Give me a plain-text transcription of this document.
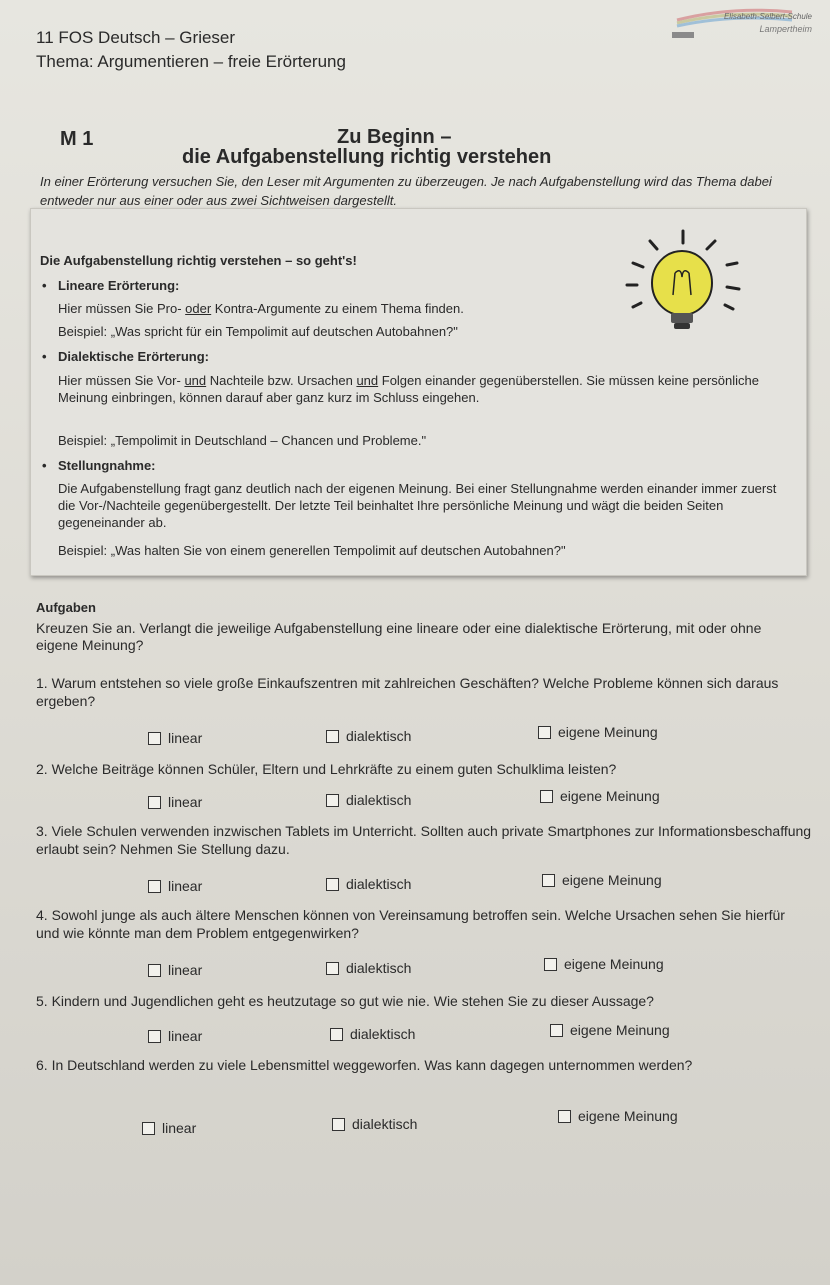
11 FOS Deutsch – Grieser
Thema: Argumentieren – freie Erörterung
Elisabeth-Selbert-Schule
Lampertheim
M 1	Zu Beginn –
die Aufgabenstellung richtig verstehen
In einer Erörterung versuchen Sie, den Leser mit Argumenten zu überzeugen. Je nach Aufgabenstellung wird das Thema dabei entweder nur aus einer oder aus zwei Sichtweisen dargestellt.
Die Aufgabenstellung richtig verstehen – so geht's!
• Lineare Erörterung:
Hier müssen Sie Pro- oder Kontra-Argumente zu einem Thema finden.
Beispiel: „Was spricht für ein Tempolimit auf deutschen Autobahnen?"
• Dialektische Erörterung:
Hier müssen Sie Vor- und Nachteile bzw. Ursachen und Folgen einander gegenüberstellen. Sie müssen keine persönliche Meinung einbringen, können darauf aber ganz kurz im Schluss eingehen.
Beispiel: „Tempolimit in Deutschland – Chancen und Probleme."
• Stellungnahme:
Die Aufgabenstellung fragt ganz deutlich nach der eigenen Meinung. Bei einer Stellungnahme werden einander immer zuerst die Vor-/Nachteile gegenübergestellt. Der letzte Teil beinhaltet Ihre persönliche Meinung und wägt die beiden Seiten gegeneinander ab.
Beispiel: „Was halten Sie von einem generellen Tempolimit auf deutschen Autobahnen?"
Aufgaben
Kreuzen Sie an. Verlangt die jeweilige Aufgabenstellung eine lineare oder eine dialektische Erörterung, mit oder ohne eigene Meinung?
1. Warum entstehen so viele große Einkaufszentren mit zahlreichen Geschäften? Welche Probleme können sich daraus ergeben?
linear	dialektisch	eigene Meinung
2. Welche Beiträge können Schüler, Eltern und Lehrkräfte zu einem guten Schulklima leisten?
linear	dialektisch	eigene Meinung
3. Viele Schulen verwenden inzwischen Tablets im Unterricht. Sollten auch private Smartphones zur Informationsbeschaffung erlaubt sein? Nehmen Sie Stellung dazu.
linear	dialektisch	eigene Meinung
4. Sowohl junge als auch ältere Menschen können von Vereinsamung betroffen sein. Welche Ursachen sehen Sie hierfür und wie könnte man dem Problem entgegenwirken?
linear	dialektisch	eigene Meinung
5. Kindern und Jugendlichen geht es heutzutage so gut wie nie. Wie stehen Sie zu dieser Aussage?
linear	dialektisch	eigene Meinung
6. In Deutschland werden zu viele Lebensmittel weggeworfen. Was kann dagegen unternommen werden?
linear	dialektisch	eigene Meinung
